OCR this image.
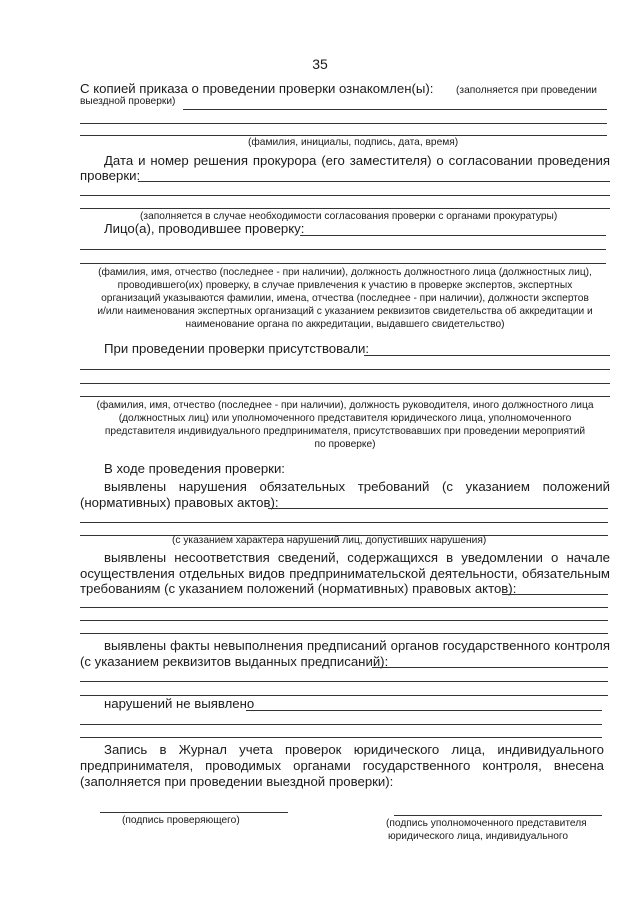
35
С копией приказа о проведении проверки ознакомлен(ы): (заполняется при проведении
выездной проверки)
(фамилия, инициалы, подпись, дата, время)
Дата и номер решения прокурора (его заместителя) о согласовании проведения
проверки:
(заполняется в случае необходимости согласования проверки с органами прокуратуры)
Лицо(а), проводившее проверку:
(фамилия, имя, отчество (последнее - при наличии), должность должностного лица (должностных лиц),
проводившего(их) проверку, в случае привлечения к участию в проверке экспертов, экспертных
организаций указываются фамилии, имена, отчества (последнее - при наличии), должности экспертов
и/или наименования экспертных организаций с указанием реквизитов свидетельства об аккредитации и
наименование органа по аккредитации, выдавшего свидетельство)
При проведении проверки присутствовали:
(фамилия, имя, отчество (последнее - при наличии), должность руководителя, иного должностного лица
(должностных лиц) или уполномоченного представителя юридического лица, уполномоченного
представителя индивидуального предпринимателя, присутствовавших при проведении мероприятий
по проверке)
В ходе проведения проверки:
выявлены нарушения обязательных требований (с указанием положений
(нормативных) правовых актов):
(с указанием характера нарушений лиц, допустивших нарушения)
выявлены несоответствия сведений, содержащихся в уведомлении о начале
осуществления отдельных видов предпринимательской деятельности, обязательным
требованиям (с указанием положений (нормативных) правовых актов):
выявлены факты невыполнения предписаний органов государственного контроля
(с указанием реквизитов выданных предписаний):
нарушений не выявлено
Запись в Журнал учета проверок юридического лица, индивидуального
предпринимателя, проводимых органами государственного контроля, внесена
(заполняется при проведении выездной проверки):
(подпись проверяющего)	(подпись уполномоченного представителя
юридического лица, индивидуального
